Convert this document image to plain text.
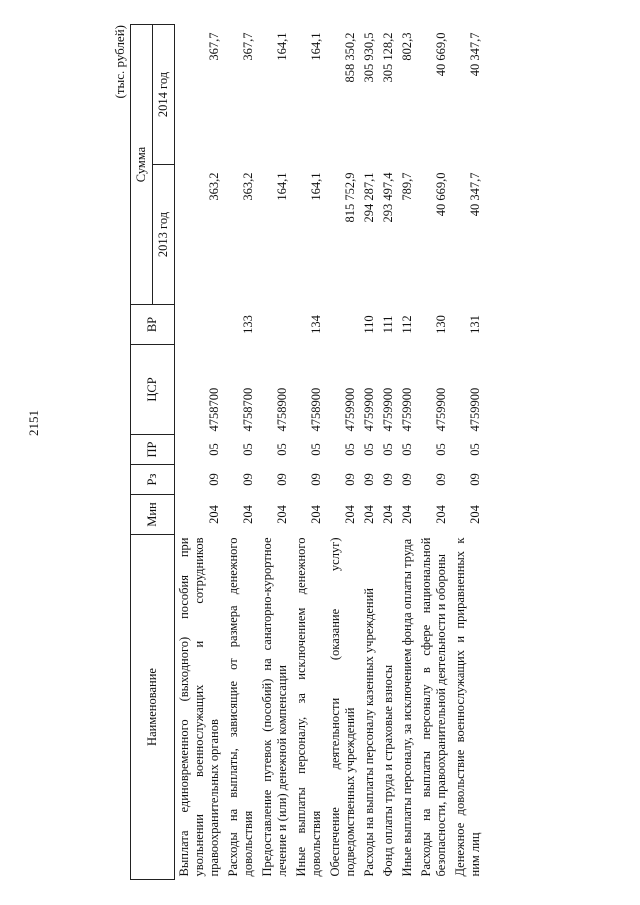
2151
(тыс. рублей)
Наименование	Мин	Рз	ПР	ЦСР	ВР	Сумма	
						2013 год	2014 год
Выплата единовременного (выходного) пособия при увольнении военнослужащих и сотрудников правоохранительных органов	204	09	05	4758700		363,2	367,7
Расходы на выплаты, зависящие от размера денежного довольствия	204	09	05	4758700	133	363,2	367,7
Предоставление путевок (пособий) на санаторно-курортное лечение и (или) денежной компенсации	204	09	05	4758900		164,1	164,1
Иные выплаты персоналу, за исключением денежного довольствия	204	09	05	4758900	134	164,1	164,1
Обеспечение деятельности (оказание услуг) подведомственных учреждений	204	09	05	4759900		815 752,9	858 350,2
Расходы на выплаты персоналу казенных учреждений	204	09	05	4759900	110	294 287,1	305 930,5
Фонд оплаты труда и страховые взносы	204	09	05	4759900	111	293 497,4	305 128,2
Иные выплаты персоналу, за исключением фонда оплаты труда	204	09	05	4759900	112	789,7	802,3
Расходы на выплаты персоналу в сфере национальной безопасности, правоохранительной деятельности и обороны	204	09	05	4759900	130	40 669,0	40 669,0
Денежное довольствие военнослужащих и приравненных к ним лиц	204	09	05	4759900	131	40 347,7	40 347,7
